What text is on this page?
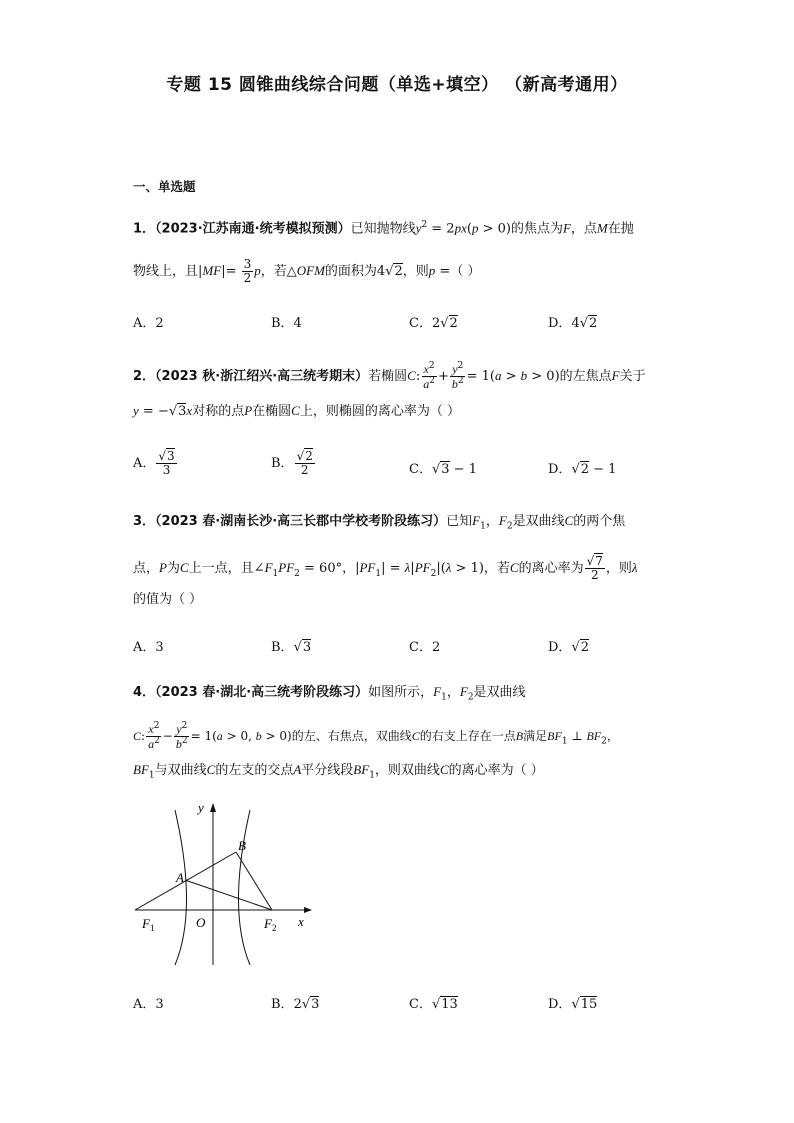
专题 15 圆锥曲线综合问题（单选+填空） （新高考通用）
一、单选题
1．（2023·江苏南通·统考模拟预测）已知抛物线$y^2 = 2px(p > 0)$的焦点为F，点M在抛
物线上，且$|MF|= \frac{3}{2}$ p，若△OFM的面积为4√2，则p =（ ）
A．2	B．4	C．2√2	D．4√2
2．（2023 秋·浙江绍兴·高三统考期末）若椭圆C: $\frac{x^2}{a^2} + \frac{y^2}{b^2} = 1(a > b > 0)$的左焦点F关于
y = −√3x对称的点P在椭圆C上，则椭圆的离心率为（ ）
A． $\frac{√3}{3}$	B． $\frac{√2}{2}$	C．√3 − 1	D．√2 − 1
3．（2023 春·湖南长沙·高三长郡中学校考阶段练习）已知$F_1$，$F_2$是双曲线C的两个焦
点，P为C上一点，且$\angle F_1PF_2 = 60^\circ$，$|PF_1| = \lambda|PF_2|(\lambda > 1)$，若C的离心率为 $\frac{√7}{2}$ ，则λ
的值为（ ）
A．3	B．√3	C．2	D．√2
4．（2023 春·湖北·高三统考阶段练习）如图所示，$F_1$，$F_2$是双曲线
C: $\frac{x^2}{a^2} - \frac{y^2}{b^2} = 1(a > 0$, b > 0)的左、右焦点，双曲线C的右支上存在一点B满足$BF_1$ ⊥ $BF_2$，
$BF_1$与双曲线C的左支的交点A平分线段$BF_1$，则双曲线C的离心率为（ ）
y
x
O
A
B
$F_1$	$F_2$
A．3	B．2√3	C．√13	D．√15
